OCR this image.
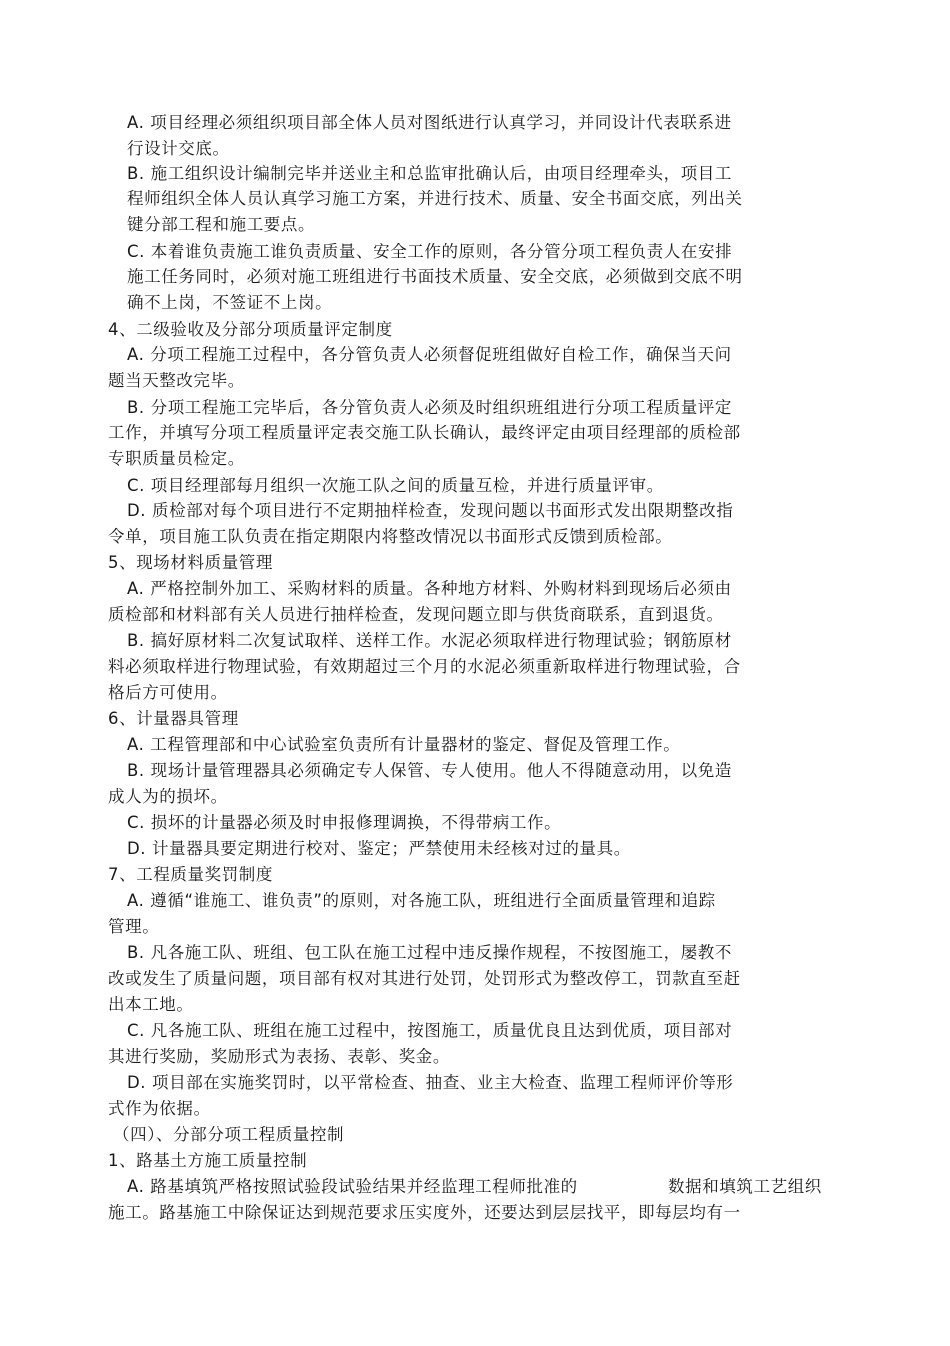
A. 项目经理必须组织项目部全体人员对图纸进行认真学习，并同设计代表联系进
行设计交底。
B. 施工组织设计编制完毕并送业主和总监审批确认后，由项目经理牵头，项目工
程师组织全体人员认真学习施工方案，并进行技术、质量、安全书面交底，列出关
键分部工程和施工要点。
C. 本着谁负责施工谁负责质量、安全工作的原则，各分管分项工程负责人在安排
施工任务同时，必须对施工班组进行书面技术质量、安全交底，必须做到交底不明
确不上岗，不签证不上岗。
4、二级验收及分部分项质量评定制度
A. 分项工程施工过程中，各分管负责人必须督促班组做好自检工作，确保当天问
题当天整改完毕。
B. 分项工程施工完毕后，各分管负责人必须及时组织班组进行分项工程质量评定
工作，并填写分项工程质量评定表交施工队长确认，最终评定由项目经理部的质检部
专职质量员检定。
C. 项目经理部每月组织一次施工队之间的质量互检，并进行质量评审。
D. 质检部对每个项目进行不定期抽样检查，发现问题以书面形式发出限期整改指
令单，项目施工队负责在指定期限内将整改情况以书面形式反馈到质检部。
5、现场材料质量管理
A. 严格控制外加工、采购材料的质量。各种地方材料、外购材料到现场后必须由
质检部和材料部有关人员进行抽样检查，发现问题立即与供货商联系，直到退货。
B. 搞好原材料二次复试取样、送样工作。水泥必须取样进行物理试验；钢筋原材
料必须取样进行物理试验，有效期超过三个月的水泥必须重新取样进行物理试验，合
格后方可使用。
6、计量器具管理
A. 工程管理部和中心试验室负责所有计量器材的鉴定、督促及管理工作。
B. 现场计量管理器具必须确定专人保管、专人使用。他人不得随意动用，以免造
成人为的损坏。
C. 损坏的计量器必须及时申报修理调换，不得带病工作。
D. 计量器具要定期进行校对、鉴定；严禁使用未经核对过的量具。
7、工程质量奖罚制度
A. 遵循“谁施工、谁负责”的原则，对各施工队，班组进行全面质量管理和追踪
管理。
B. 凡各施工队、班组、包工队在施工过程中违反操作规程，不按图施工，屡教不
改或发生了质量问题，项目部有权对其进行处罚，处罚形式为整改停工，罚款直至赶
出本工地。
C. 凡各施工队、班组在施工过程中，按图施工，质量优良且达到优质，项目部对
其进行奖励，奖励形式为表扬、表彰、奖金。
D. 项目部在实施奖罚时，以平常检查、抽查、业主大检查、监理工程师评价等形
式作为依据。
（四）、分部分项工程质量控制
1、路基土方施工质量控制
A. 路基填筑严格按照试验段试验结果并经监理工程师批准的	数据和填筑工艺组织
施工。路基施工中除保证达到规范要求压实度外，还要达到层层找平，即每层均有一
